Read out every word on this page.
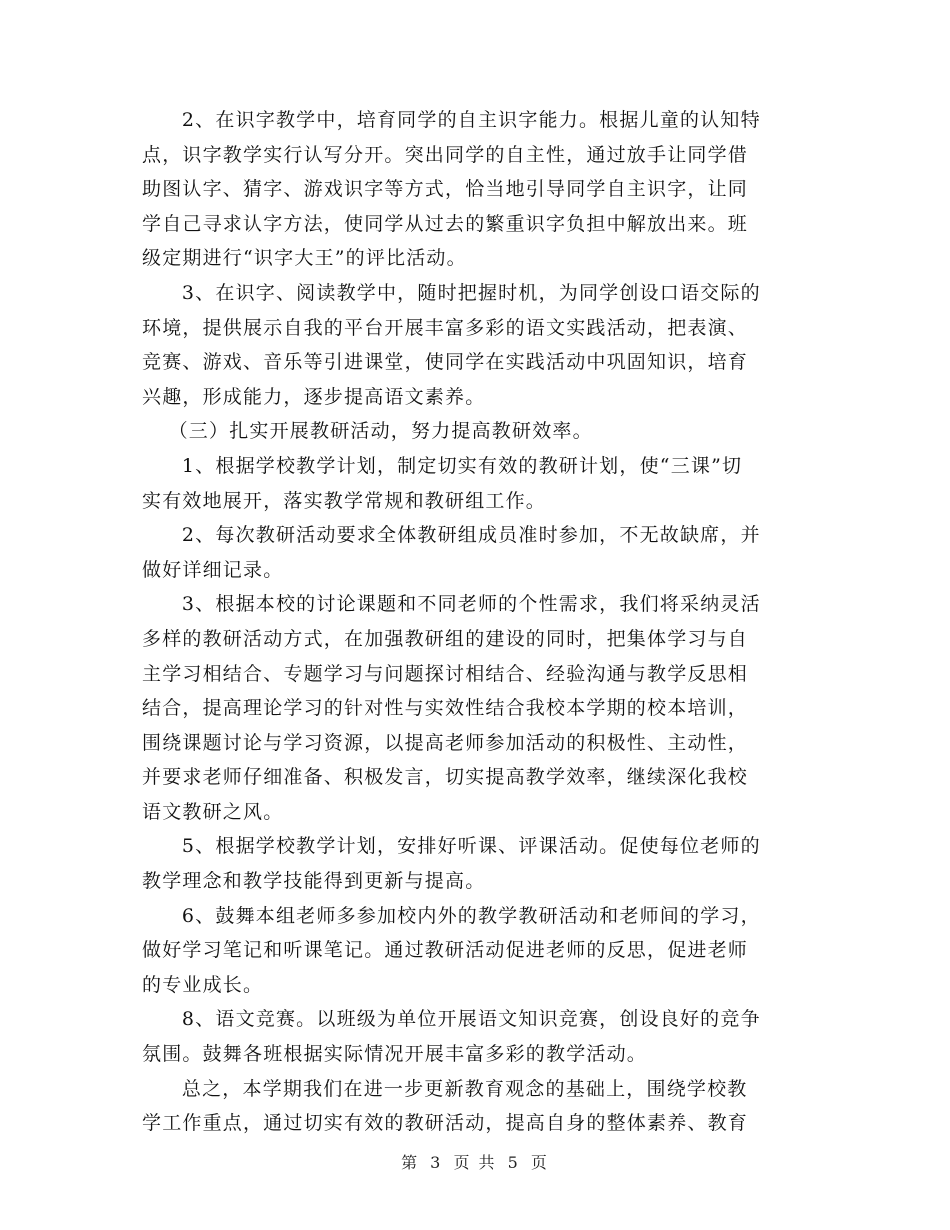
2、在识字教学中，培育同学的自主识字能力。根据儿童的认知特
点，识字教学实行认写分开。突出同学的自主性，通过放手让同学借
助图认字、猜字、游戏识字等方式，恰当地引导同学自主识字，让同
学自己寻求认字方法，使同学从过去的繁重识字负担中解放出来。班
级定期进行“识字大王”的评比活动。

3、在识字、阅读教学中，随时把握时机，为同学创设口语交际的
环境，提供展示自我的平台开展丰富多彩的语文实践活动，把表演、
竞赛、游戏、音乐等引进课堂，使同学在实践活动中巩固知识，培育
兴趣，形成能力，逐步提高语文素养。

（三）扎实开展教研活动，努力提高教研效率。

1、根据学校教学计划，制定切实有效的教研计划，使“三课”切
实有效地展开，落实教学常规和教研组工作。

2、每次教研活动要求全体教研组成员准时参加，不无故缺席，并
做好详细记录。

3、根据本校的讨论课题和不同老师的个性需求，我们将采纳灵活
多样的教研活动方式，在加强教研组的建设的同时，把集体学习与自
主学习相结合、专题学习与问题探讨相结合、经验沟通与教学反思相
结合，提高理论学习的针对性与实效性结合我校本学期的校本培训，
围绕课题讨论与学习资源，以提高老师参加活动的积极性、主动性，
并要求老师仔细准备、积极发言，切实提高教学效率，继续深化我校
语文教研之风。

5、根据学校教学计划，安排好听课、评课活动。促使每位老师的
教学理念和教学技能得到更新与提高。

6、鼓舞本组老师多参加校内外的教学教研活动和老师间的学习，
做好学习笔记和听课笔记。通过教研活动促进老师的反思，促进老师
的专业成长。

8、语文竞赛。以班级为单位开展语文知识竞赛，创设良好的竞争
氛围。鼓舞各班根据实际情况开展丰富多彩的教学活动。

总之，本学期我们在进一步更新教育观念的基础上，围绕学校教
学工作重点，通过切实有效的教研活动，提高自身的整体素养、教育

第 3 页 共 5 页
